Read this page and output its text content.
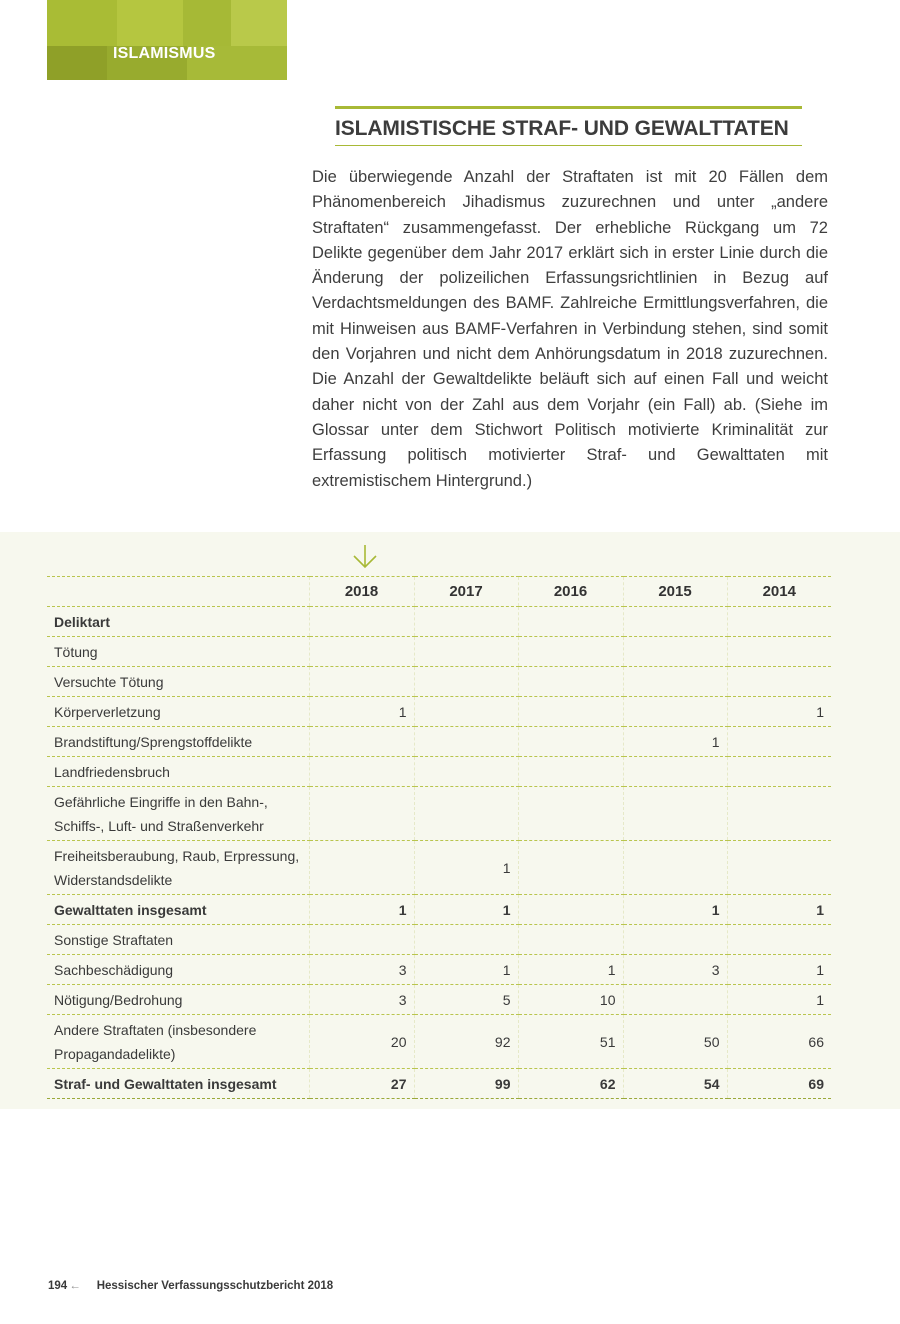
ISLAMISMUS
ISLAMISTISCHE STRAF- UND GEWALTTATEN

Die überwiegende Anzahl der Straftaten ist mit 20 Fällen dem Phänomenbereich Jihadismus zuzurechnen und unter „andere Straftaten“ zusammengefasst. Der erhebliche Rückgang um 72 Delikte gegenüber dem Jahr 2017 erklärt sich in erster Linie durch die Änderung der polizeilichen Erfassungsrichtlinien in Bezug auf Verdachtsmeldungen des BAMF. Zahlreiche Ermittlungsverfahren, die mit Hinweisen aus BAMF-Verfahren in Verbindung stehen, sind somit den Vorjahren und nicht dem Anhörungsdatum in 2018 zuzurechnen. Die Anzahl der Gewaltdelikte beläuft sich auf einen Fall und weicht daher nicht von der Zahl aus dem Vorjahr (ein Fall) ab. (Siehe im Glossar unter dem Stichwort Politisch motivierte Kriminalität zur Erfassung politisch motivierter Straf- und Gewalttaten mit extremistischem Hintergrund.)

	2018	2017	2016	2015	2014
Deliktart					
Tötung					
Versuchte Tötung					
Körperverletzung	1				1
Brandstiftung/Sprengstoffdelikte				1	
Landfriedensbruch					
Gefährliche Eingriffe in den Bahn-, Schiffs-, Luft- und Straßenverkehr					
Freiheitsberaubung, Raub, Erpressung, Widerstandsdelikte		1			
Gewalttaten insgesamt	1	1		1	1
Sonstige Straftaten					
Sachbeschädigung	3	1	1	3	1
Nötigung/Bedrohung	3	5	10		1
Andere Straftaten (insbesondere Propagandadelikte)	20	92	51	50	66
Straf- und Gewalttaten insgesamt	27	99	62	54	69
194 ← Hessischer Verfassungsschutzbericht 2018
